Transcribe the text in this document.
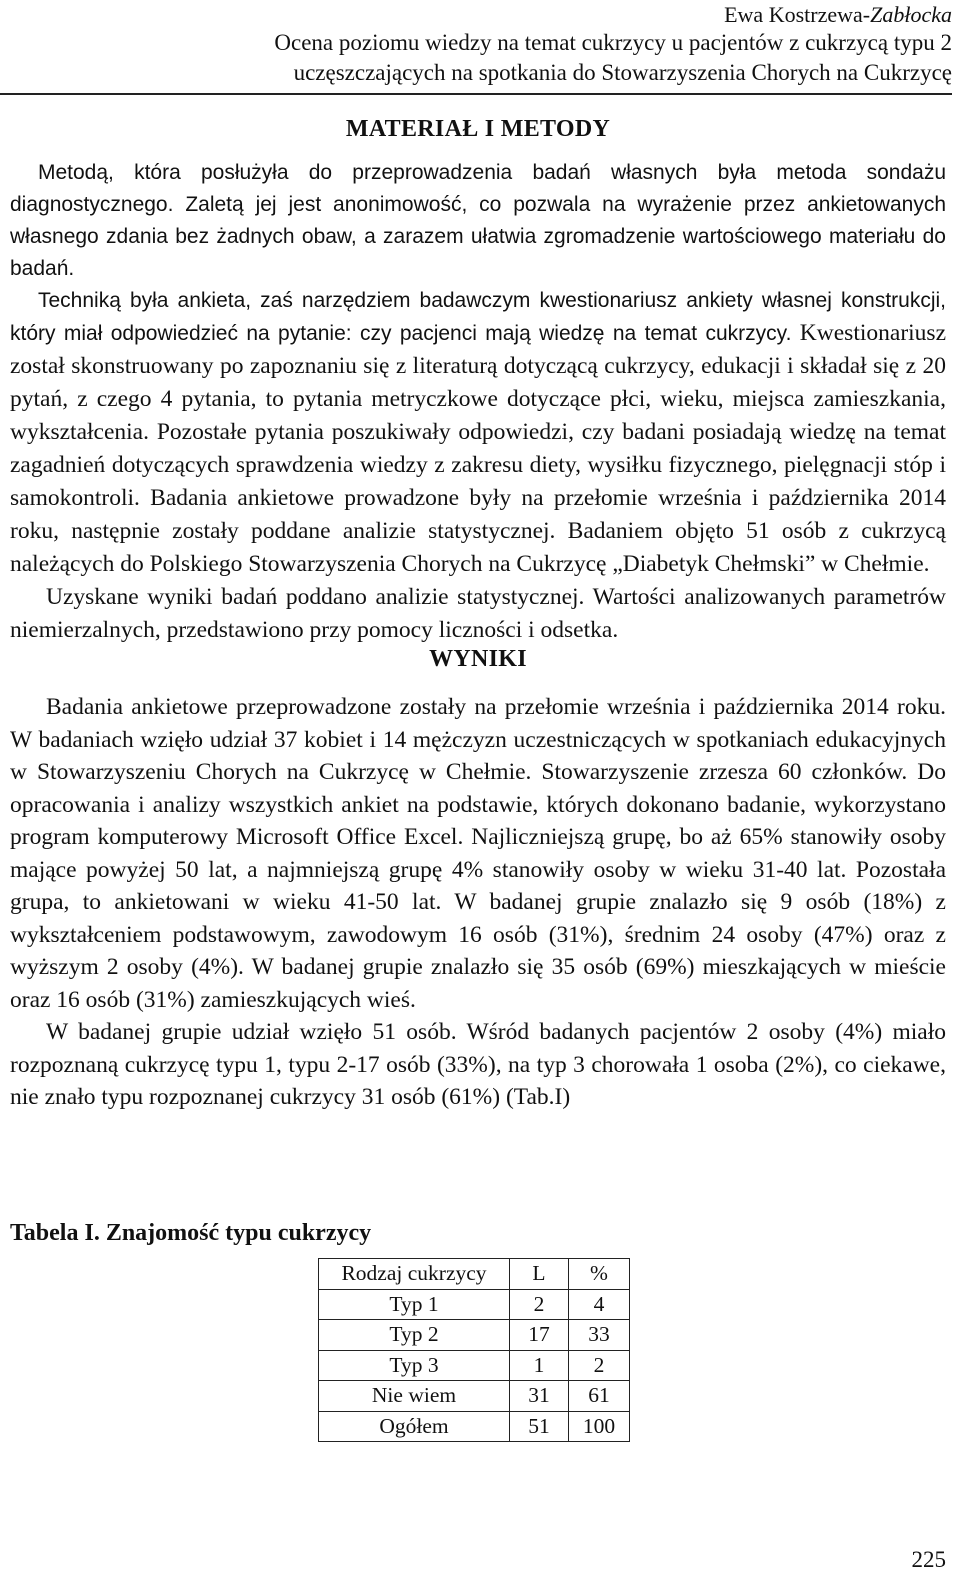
Ewa Kostrzewa-Zabłocka
Ocena poziomu wiedzy na temat cukrzycy u pacjentów z cukrzycą typu 2
uczęszczających na spotkania do Stowarzyszenia Chorych na Cukrzycę
MATERIAŁ I METODY

Metodą, która posłużyła do przeprowadzenia badań własnych była metoda sondażu diagnostycznego. Zaletą jej jest anonimowość, co pozwala na wyrażenie przez ankietowanych własnego zdania bez żadnych obaw, a zarazem ułatwia zgromadzenie wartościowego materiału do badań.

Techniką była ankieta, zaś narzędziem badawczym kwestionariusz ankiety własnej konstrukcji, który miał odpowiedzieć na pytanie: czy pacjenci mają wiedzę na temat cukrzycy. Kwestionariusz został skonstruowany po zapoznaniu się z literaturą dotyczącą cukrzycy, edukacji i składał się z 20 pytań, z czego 4 pytania, to pytania metryczkowe dotyczące płci, wieku, miejsca zamieszkania, wykształcenia. Pozostałe pytania poszukiwały odpowiedzi, czy badani posiadają wiedzę na temat zagadnień dotyczących sprawdzenia wiedzy z zakresu diety, wysiłku fizycznego, pielęgnacji stóp i samokontroli. Badania ankietowe prowadzone były na przełomie września i października 2014 roku, następnie zostały poddane analizie statystycznej. Badaniem objęto 51 osób z cukrzycą należących do Polskiego Stowarzyszenia Chorych na Cukrzycę „Diabetyk Chełmski” w Chełmie.

Uzyskane wyniki badań poddano analizie statystycznej. Wartości analizowanych parametrów niemierzalnych, przedstawiono przy pomocy liczności i odsetka.

WYNIKI

Badania ankietowe przeprowadzone zostały na przełomie września i października 2014 roku. W badaniach wzięło udział 37 kobiet i 14 mężczyzn uczestniczących w spotkaniach edukacyjnych w Stowarzyszeniu Chorych na Cukrzycę w Chełmie. Stowarzyszenie zrzesza 60 członków. Do opracowania i analizy wszystkich ankiet na podstawie, których dokonano badanie, wykorzystano program komputerowy Microsoft Office Excel. Najliczniejszą grupę, bo aż 65% stanowiły osoby mające powyżej 50 lat, a najmniejszą grupę 4% stanowiły osoby w wieku 31-40 lat. Pozostała grupa, to ankietowani w wieku 41-50 lat. W badanej grupie znalazło się 9 osób (18%) z wykształceniem podstawowym, zawodowym 16 osób (31%), średnim 24 osoby (47%) oraz z wyższym 2 osoby (4%). W badanej grupie znalazło się 35 osób (69%) mieszkających w mieście oraz 16 osób (31%) zamieszkujących wieś.

W badanej grupie udział wzięło 51 osób. Wśród badanych pacjentów 2 osoby (4%) miało rozpoznaną cukrzycę typu 1, typu 2-17 osób (33%), na typ 3 chorowała 1 osoba (2%), co ciekawe, nie znało typu rozpoznanej cukrzycy 31 osób (61%) (Tab.I)

Tabela I. Znajomość typu cukrzycy
Rodzaj cukrzycy	L	%
Typ 1	2	4
Typ 2	17	33
Typ 3	1	2
Nie wiem	31	61
Ogółem	51	100
225
